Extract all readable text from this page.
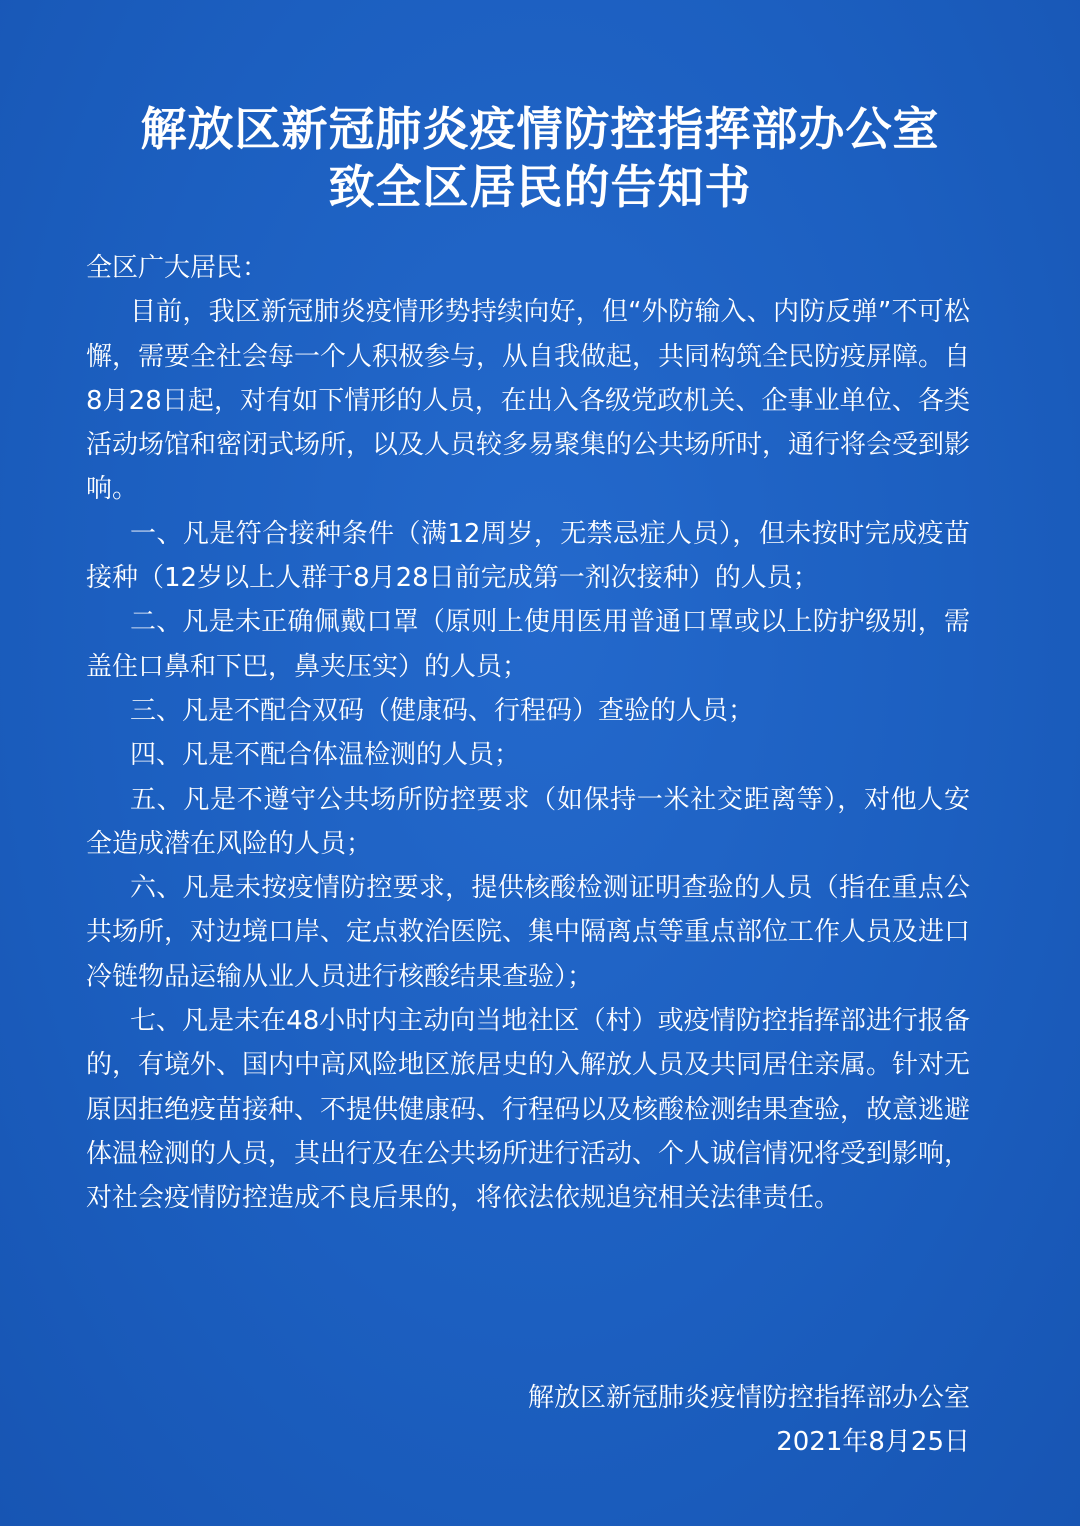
解放区新冠肺炎疫情防控指挥部办公室
致全区居民的告知书

全区广大居民：

目前，我区新冠肺炎疫情形势持续向好，但“外防输入、内防反弹”不可松懈，需要全社会每一个人积极参与，从自我做起，共同构筑全民防疫屏障。自8月28日起，对有如下情形的人员，在出入各级党政机关、企事业单位、各类活动场馆和密闭式场所，以及人员较多易聚集的公共场所时，通行将会受到影响。

一、凡是符合接种条件（满12周岁，无禁忌症人员），但未按时完成疫苗接种（12岁以上人群于8月28日前完成第一剂次接种）的人员；

二、凡是未正确佩戴口罩（原则上使用医用普通口罩或以上防护级别，需盖住口鼻和下巴，鼻夹压实）的人员；

三、凡是不配合双码（健康码、行程码）查验的人员；

四、凡是不配合体温检测的人员；

五、凡是不遵守公共场所防控要求（如保持一米社交距离等），对他人安全造成潜在风险的人员；

六、凡是未按疫情防控要求，提供核酸检测证明查验的人员（指在重点公共场所，对边境口岸、定点救治医院、集中隔离点等重点部位工作人员及进口冷链物品运输从业人员进行核酸结果查验）；

七、凡是未在48小时内主动向当地社区（村）或疫情防控指挥部进行报备的，有境外、国内中高风险地区旅居史的入解放人员及共同居住亲属。针对无原因拒绝疫苗接种、不提供健康码、行程码以及核酸检测结果查验，故意逃避体温检测的人员，其出行及在公共场所进行活动、个人诚信情况将受到影响，对社会疫情防控造成不良后果的，将依法依规追究相关法律责任。

解放区新冠肺炎疫情防控指挥部办公室
2021年8月25日
